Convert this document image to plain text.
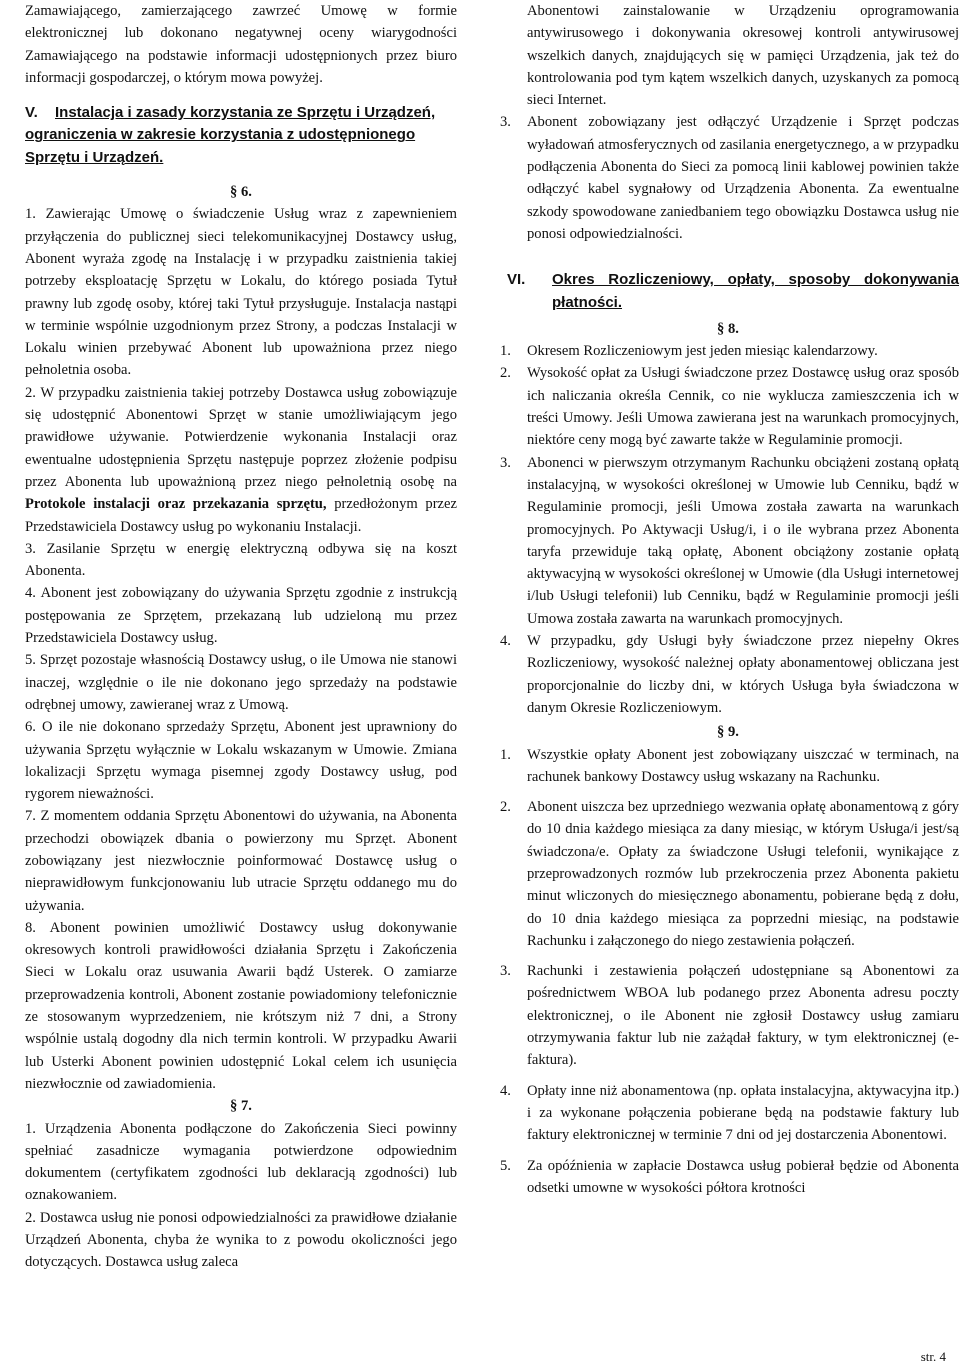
Zamawiającego, zamierzającego zawrzeć Umowę w formie elektronicznej lub dokonano negatywnej oceny wiarygodności Zamawiającego na podstawie informacji udostępnionych przez biuro informacji gospodarczej, o którym mowa powyżej.

V. Instalacja i zasady korzystania ze Sprzętu i Urządzeń, ograniczenia w zakresie korzystania z udostępnionego Sprzętu i Urządzeń.
§ 6.
1. Zawierając Umowę o świadczenie Usług wraz z zapewnieniem przyłączenia do publicznej sieci telekomunikacyjnej Dostawcy usług, Abonent wyraża zgodę na Instalację i w przypadku zaistnienia takiej potrzeby eksploatację Sprzętu w Lokalu, do którego posiada Tytuł prawny lub zgodę osoby, której taki Tytuł przysługuje. Instalacja nastąpi w terminie wspólnie uzgodnionym przez Strony, a podczas Instalacji w Lokalu winien przebywać Abonent lub upoważniona przez niego pełnoletnia osoba.
2. W przypadku zaistnienia takiej potrzeby Dostawca usług zobowiązuje się udostępnić Abonentowi Sprzęt w stanie umożliwiającym jego prawidłowe używanie. Potwierdzenie wykonania Instalacji oraz ewentualne udostępnienia Sprzętu następuje poprzez złożenie podpisu przez Abonenta lub upoważnioną przez niego pełnoletnią osobę na Protokole instalacji oraz przekazania sprzętu, przedłożonym przez Przedstawiciela Dostawcy usług po wykonaniu Instalacji.
3. Zasilanie Sprzętu w energię elektryczną odbywa się na koszt Abonenta.
4. Abonent jest zobowiązany do używania Sprzętu zgodnie z instrukcją postępowania ze Sprzętem, przekazaną lub udzieloną mu przez Przedstawiciela Dostawcy usług.
5. Sprzęt pozostaje własnością Dostawcy usług, o ile Umowa nie stanowi inaczej, względnie o ile nie dokonano jego sprzedaży na podstawie odrębnej umowy, zawieranej wraz z Umową.
6. O ile nie dokonano sprzedaży Sprzętu, Abonent jest uprawniony do używania Sprzętu wyłącznie w Lokalu wskazanym w Umowie. Zmiana lokalizacji Sprzętu wymaga pisemnej zgody Dostawcy usług, pod rygorem nieważności.
7. Z momentem oddania Sprzętu Abonentowi do używania, na Abonenta przechodzi obowiązek dbania o powierzony mu Sprzęt. Abonent zobowiązany jest niezwłocznie poinformować Dostawcę usług o nieprawidłowym funkcjonowaniu lub utracie Sprzętu oddanego mu do używania.
8. Abonent powinien umożliwić Dostawcy usług dokonywanie okresowych kontroli prawidłowości działania Sprzętu i Zakończenia Sieci w Lokalu oraz usuwania Awarii bądź Usterek. O zamiarze przeprowadzenia kontroli, Abonent zostanie powiadomiony telefonicznie ze stosowanym wyprzedzeniem, nie krótszym niż 7 dni, a Strony wspólnie ustalą dogodny dla nich termin kontroli. W przypadku Awarii lub Usterki Abonent powinien udostępnić Lokal celem ich usunięcia niezwłocznie od zawiadomienia.
§ 7.
1. Urządzenia Abonenta podłączone do Zakończenia Sieci powinny spełniać zasadnicze wymagania potwierdzone odpowiednim dokumentem (certyfikatem zgodności lub deklaracją zgodności) lub oznakowaniem.
2. Dostawca usług nie ponosi odpowiedzialności za prawidłowe działanie Urządzeń Abonenta, chyba że wynika to z powodu okoliczności jego dotyczących. Dostawca usług zaleca

Abonentowi zainstalowanie w Urządzeniu oprogramowania antywirusowego i dokonywania okresowej kontroli antywirusowej wszelkich danych, znajdujących się w pamięci Urządzenia, jak też do kontrolowania pod tym kątem wszelkich danych, uzyskanych za pomocą sieci Internet.

3. Abonent zobowiązany jest odłączyć Urządzenie i Sprzęt podczas wyładowań atmosferycznych od zasilania energetycznego, a w przypadku podłączenia Abonenta do Sieci za pomocą linii kablowej powinien także odłączyć kabel sygnałowy od Urządzenia Abonenta. Za ewentualne szkody spowodowane zaniedbaniem tego obowiązku Dostawca usług nie ponosi odpowiedzialności.
VI. Okres Rozliczeniowy, opłaty, sposoby dokonywania płatności.
§ 8.
1. Okresem Rozliczeniowym jest jeden miesiąc kalendarzowy.
2. Wysokość opłat za Usługi świadczone przez Dostawcę usług oraz sposób ich naliczania określa Cennik, co nie wyklucza zamieszczenia ich w treści Umowy. Jeśli Umowa zawierana jest na warunkach promocyjnych, niektóre ceny mogą być zawarte także w Regulaminie promocji.
3. Abonenci w pierwszym otrzymanym Rachunku obciążeni zostaną opłatą instalacyjną, w wysokości określonej w Umowie lub Cenniku, bądź w Regulaminie promocji, jeśli Umowa została zawarta na warunkach promocyjnych. Po Aktywacji Usług/i, i o ile wybrana przez Abonenta taryfa przewiduje taką opłatę, Abonent obciążony zostanie opłatą aktywacyjną w wysokości określonej w Umowie (dla Usługi internetowej i/lub Usługi telefonii) lub Cenniku, bądź w Regulaminie promocji jeśli Umowa została zawarta na warunkach promocyjnych.
4. W przypadku, gdy Usługi były świadczone przez niepełny Okres Rozliczeniowy, wysokość należnej opłaty abonamentowej obliczana jest proporcjonalnie do liczby dni, w których Usługa była świadczona w danym Okresie Rozliczeniowym.
§ 9.
1. Wszystkie opłaty Abonent jest zobowiązany uiszczać w terminach, na rachunek bankowy Dostawcy usług wskazany na Rachunku.
2. Abonent uiszcza bez uprzedniego wezwania opłatę abonamentową z góry do 10 dnia każdego miesiąca za dany miesiąc, w którym Usługa/i jest/są świadczona/e. Opłaty za świadczone Usługi telefonii, wynikające z przeprowadzonych rozmów lub przekroczenia przez Abonenta pakietu minut wliczonych do miesięcznego abonamentu, pobierane będą z dołu, do 10 dnia każdego miesiąca za poprzedni miesiąc, na podstawie Rachunku i załączonego do niego zestawienia połączeń.
3. Rachunki i zestawienia połączeń udostępniane są Abonentowi za pośrednictwem WBOA lub podanego przez Abonenta adresu poczty elektronicznej, o ile Abonent nie zgłosił Dostawcy usług zamiaru otrzymywania faktur lub nie zażądał faktury, w tym elektronicznej (e-faktura).
4. Opłaty inne niż abonamentowa (np. opłata instalacyjna, aktywacyjna itp.) i za wykonane połączenia pobierane będą na podstawie faktury lub faktury elektronicznej w terminie 7 dni od jej dostarczenia Abonentowi.
5. Za opóźnienia w zapłacie Dostawca usług pobierał będzie od Abonenta odsetki umowne w wysokości półtora krotności
str. 4
